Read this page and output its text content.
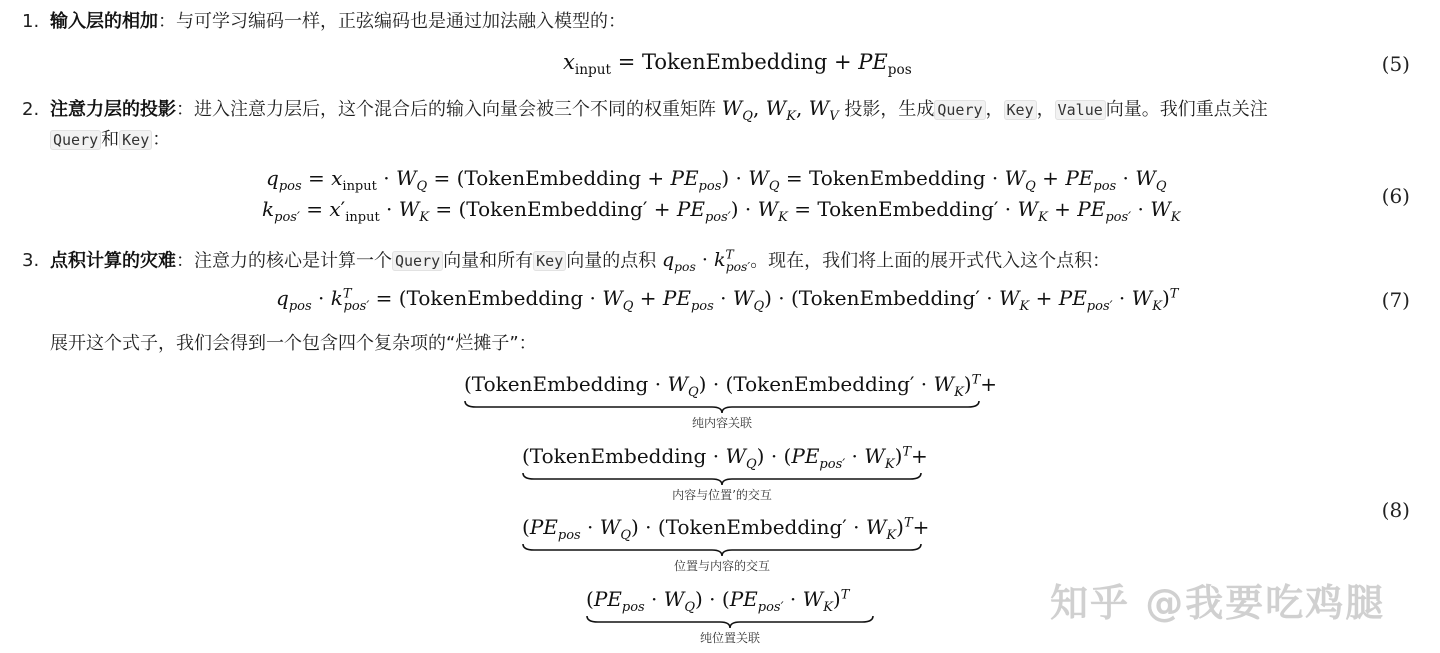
1. 输入层的相加：与可学习编码一样，正弦编码也是通过加法融入模型的：
$x_{input}$ = TokenEmbedding + $PE_{pos}$	(5)
2. 注意力层的投影：进入注意力层后，这个混合后的输入向量会被三个不同的权重矩阵 $W_Q$, $W_K$, $W_V$ 投影，生成 Query ， Key ， Value 向量。我们重点关注
Query 和 Key ：
$q_{pos} = x_{input} \cdot W_Q$ = (TokenEmbedding + $PE_{pos}) \cdot W_Q$ = TokenEmbedding · $W_Q + PE_{pos} \cdot W_Q$
$k_{pos'} = x'_{input} \cdot W_K$ = (TokenEmbedding′ + $PE_{pos'}) \cdot W_K$ = TokenEmbedding′ · $W_K + PE_{pos'} \cdot W_K$
(6)
3. 点积计算的灾难：注意力的核心是计算一个 Query 向量和所有 Key 向量的点积 $q_{pos} \cdot k^T_{pos'}$。现在，我们将上面的展开式代入这个点积：
$q_{pos} \cdot k^T_{pos'}$ = (TokenEmbedding · $W_Q + PE_{pos} \cdot W_Q$) · (TokenEmbedding′ · $W_K + PE_{pos'} \cdot W_K)^T$	(7)
展开这个式子，我们会得到一个包含四个复杂项的“烂摊子”：
(TokenEmbedding · $W_Q$) · (TokenEmbedding′ · $W_K)^T+$
纯内容关联
(TokenEmbedding · $W_Q) \cdot (PE_{pos'} \cdot W_K)^T+$
内容与位置’的交互
$(PE_{pos} \cdot W_Q)$ · (TokenEmbedding′ · $W_K)^T+$
位置与内容的交互
$(PE_{pos} \cdot W_Q) \cdot (PE_{pos'} \cdot W_K)^T$
纯位置关联
(8)
知乎 @我要吃鸡腿
